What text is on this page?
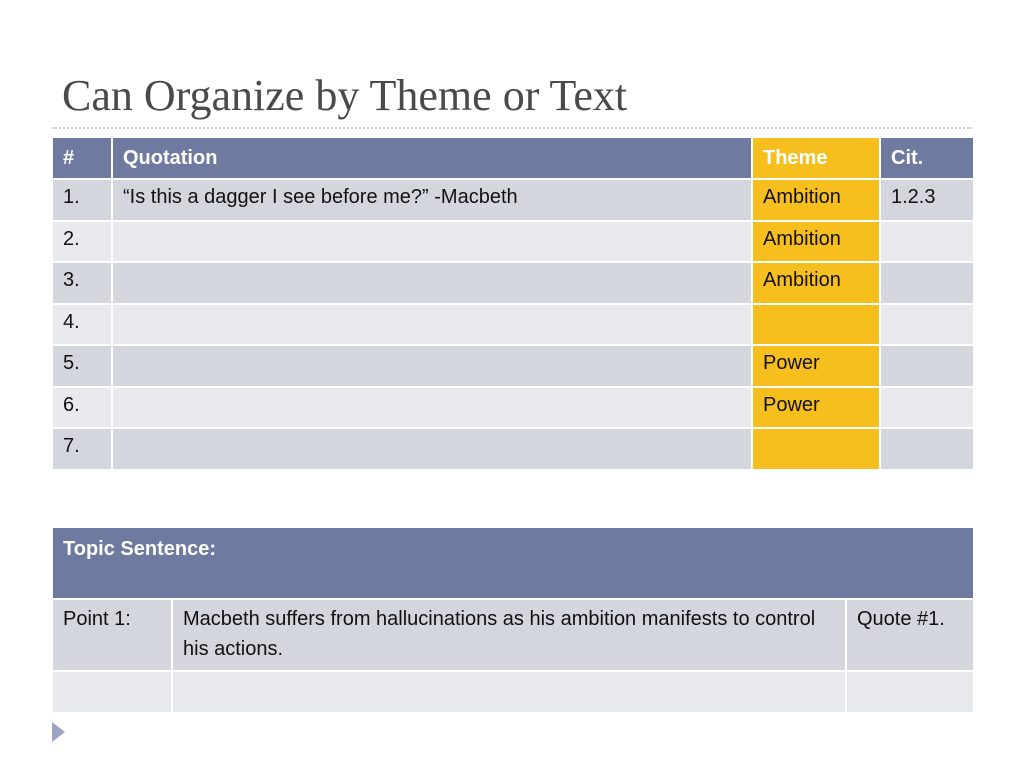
Can Organize by Theme or Text
#	Quotation	Theme	Cit.
1.	“Is this a dagger I see before me?” -Macbeth	Ambition	1.2.3
2.		Ambition	
3.		Ambition	
4.			
5.		Power	
6.		Power	
7.			
Topic Sentence:		
Point 1:	Macbeth suffers from hallucinations as his ambition manifests to control his actions.	Quote #1.
